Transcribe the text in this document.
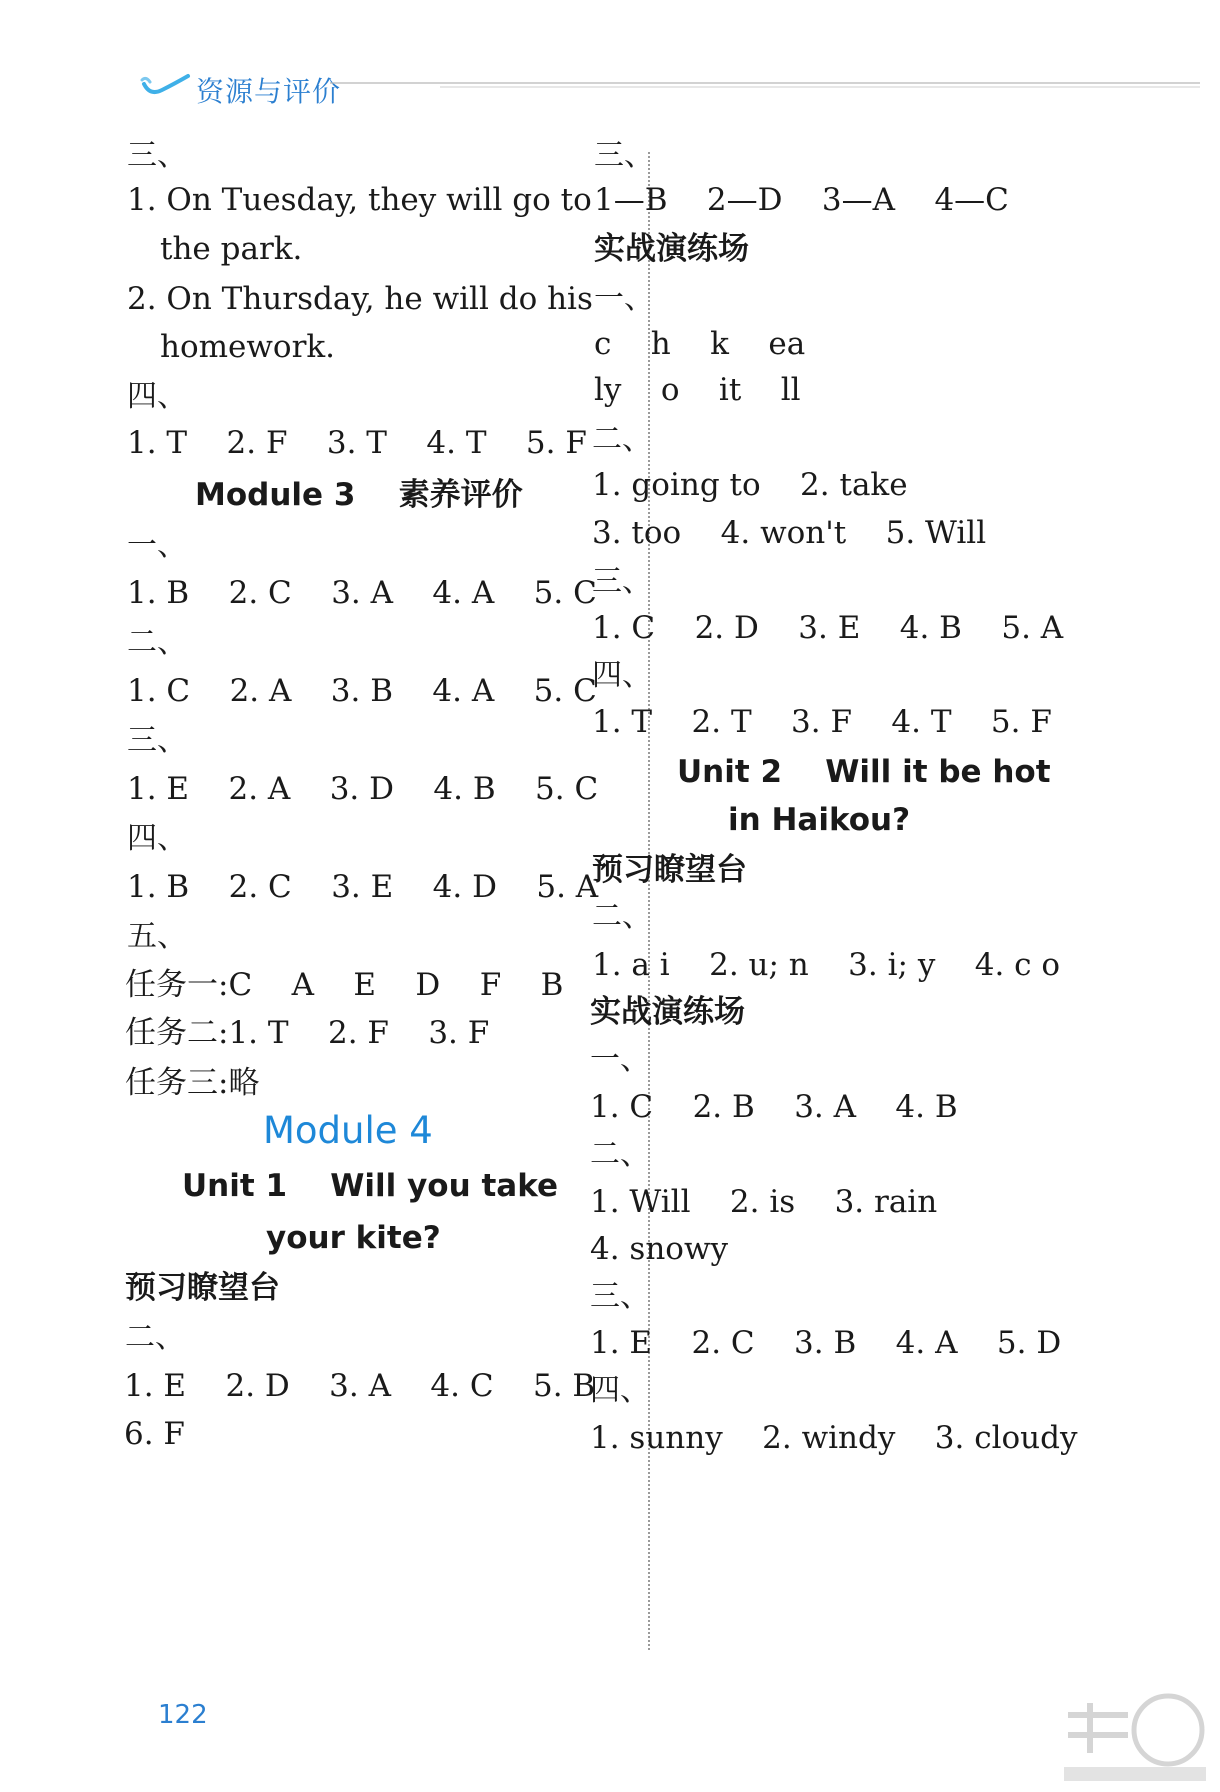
资源与评价
三、
1. On Tuesday, they will go to
the park.
2. On Thursday, he will do his
homework.
四、
1. T    2. F    3. T    4. T    5. F
Module 3    素养评价
一、
1. B    2. C    3. A    4. A    5. C
二、
1. C    2. A    3. B    4. A    5. C
三、
1. E    2. A    3. D    4. B    5. C
四、
1. B    2. C    3. E    4. D    5. A
五、
任务一:C    A    E    D    F    B
任务二:1. T    2. F    3. F
任务三:略
Module 4
Unit 1    Will you take
your kite?
预习瞭望台
二、
1. E    2. D    3. A    4. C    5. B
6. F
三、
1—B    2—D    3—A    4—C
实战演练场
一、
c    h    k    ea
ly    o    it    ll
二、
1. going to    2. take
3. too    4. won't    5. Will
三、
1. C    2. D    3. E    4. B    5. A
四、
1. T    2. T    3. F    4. T    5. F
Unit 2    Will it be hot
in Haikou?
预习瞭望台
二、
1. a i    2. u; n    3. i; y    4. c o
实战演练场
一、
1. C    2. B    3. A    4. B
二、
1. Will    2. is    3. rain
4. snowy
三、
1. E    2. C    3. B    4. A    5. D
四、
1. sunny    2. windy    3. cloudy
122
